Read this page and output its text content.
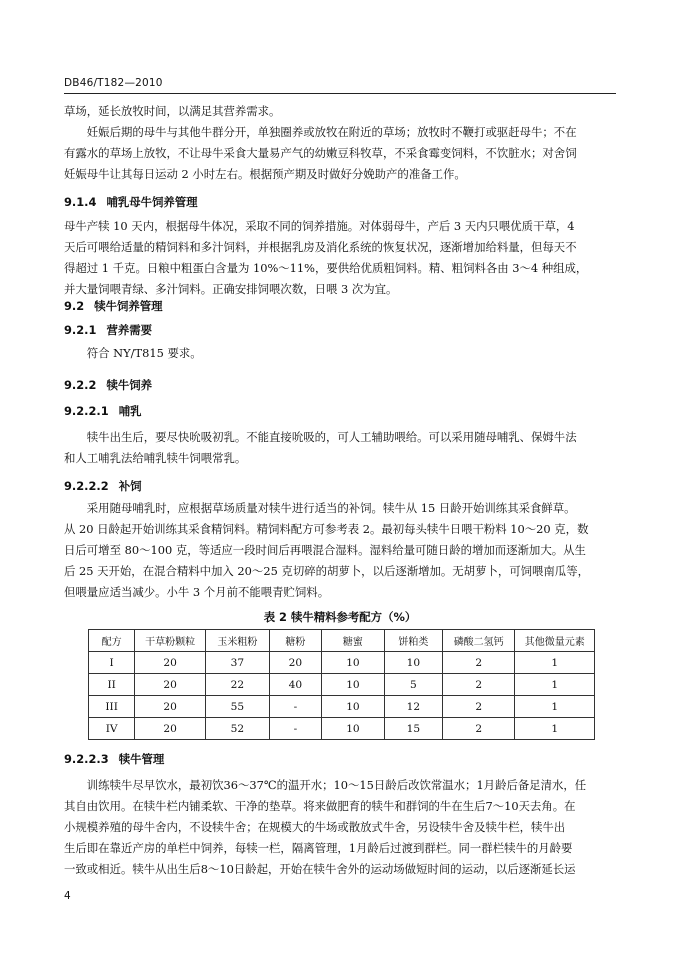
DB46/T182—2010
草场，延长放牧时间，以满足其营养需求。
　　妊娠后期的母牛与其他牛群分开，单独圈养或放牧在附近的草场；放牧时不鞭打或驱赶母牛；不在
有露水的草场上放牧，不让母牛采食大量易产气的幼嫩豆科牧草，不采食霉变饲料，不饮脏水；对舍饲
妊娠母牛让其每日运动 2 小时左右。根据预产期及时做好分娩助产的准备工作。
9.1.4 哺乳母牛饲养管理
母牛产犊 10 天内，根据母牛体况，采取不同的饲养措施。对体弱母牛，产后 3 天内只喂优质干草，4
天后可喂给适量的精饲料和多汁饲料，并根据乳房及消化系统的恢复状况，逐渐增加给料量，但每天不
得超过 1 千克。日粮中粗蛋白含量为 10%～11%，要供给优质粗饲料。精、粗饲料各由 3～4 种组成，
并大量饲喂青绿、多汁饲料。正确安排饲喂次数，日喂 3 次为宜。
9.2 犊牛饲养管理
9.2.1 营养需要
　　符合 NY/T815 要求。
9.2.2 犊牛饲养
9.2.2.1 哺乳
　　犊牛出生后，要尽快吮吸初乳。不能直接吮吸的，可人工辅助喂给。可以采用随母哺乳、保姆牛法
和人工哺乳法给哺乳犊牛饲喂常乳。
9.2.2.2 补饲
　　采用随母哺乳时，应根据草场质量对犊牛进行适当的补饲。犊牛从 15 日龄开始训练其采食鲜草。
从 20 日龄起开始训练其采食精饲料。精饲料配方可参考表 2。最初每头犊牛日喂干粉料 10～20 克，数
日后可增至 80～100 克，等适应一段时间后再喂混合湿料。湿料给量可随日龄的增加而逐渐加大。从生
后 25 天开始，在混合精料中加入 20～25 克切碎的胡萝卜，以后逐渐增加。无胡萝卜，可饲喂南瓜等，
但喂量应适当减少。小牛 3 个月前不能喂青贮饲料。
表 2 犊牛精料参考配方（%）
配方	干草粉颗粒	玉米粗粉	糖粉	糖蜜	饼粕类	磷酸二氢钙	其他微量元素
I	20	37	20	10	10	2	1
II	20	22	40	10	5	2	1
III	20	55	-	10	12	2	1
IV	20	52	-	10	15	2	1
9.2.2.3 犊牛管理
　　训练犊牛尽早饮水，最初饮36～37℃的温开水；10～15日龄后改饮常温水；1月龄后备足清水，任
其自由饮用。在犊牛栏内铺柔软、干净的垫草。将来做肥育的犊牛和群饲的牛在生后7～10天去角。在
小规模养殖的母牛舍内，不设犊牛舍；在规模大的牛场或散放式牛舍，另设犊牛舍及犊牛栏，犊牛出
生后即在靠近产房的单栏中饲养，每犊一栏，隔离管理，1月龄后过渡到群栏。同一群栏犊牛的月龄要
一致或相近。犊牛从出生后8～10日龄起，开始在犊牛舍外的运动场做短时间的运动，以后逐渐延长运
4
